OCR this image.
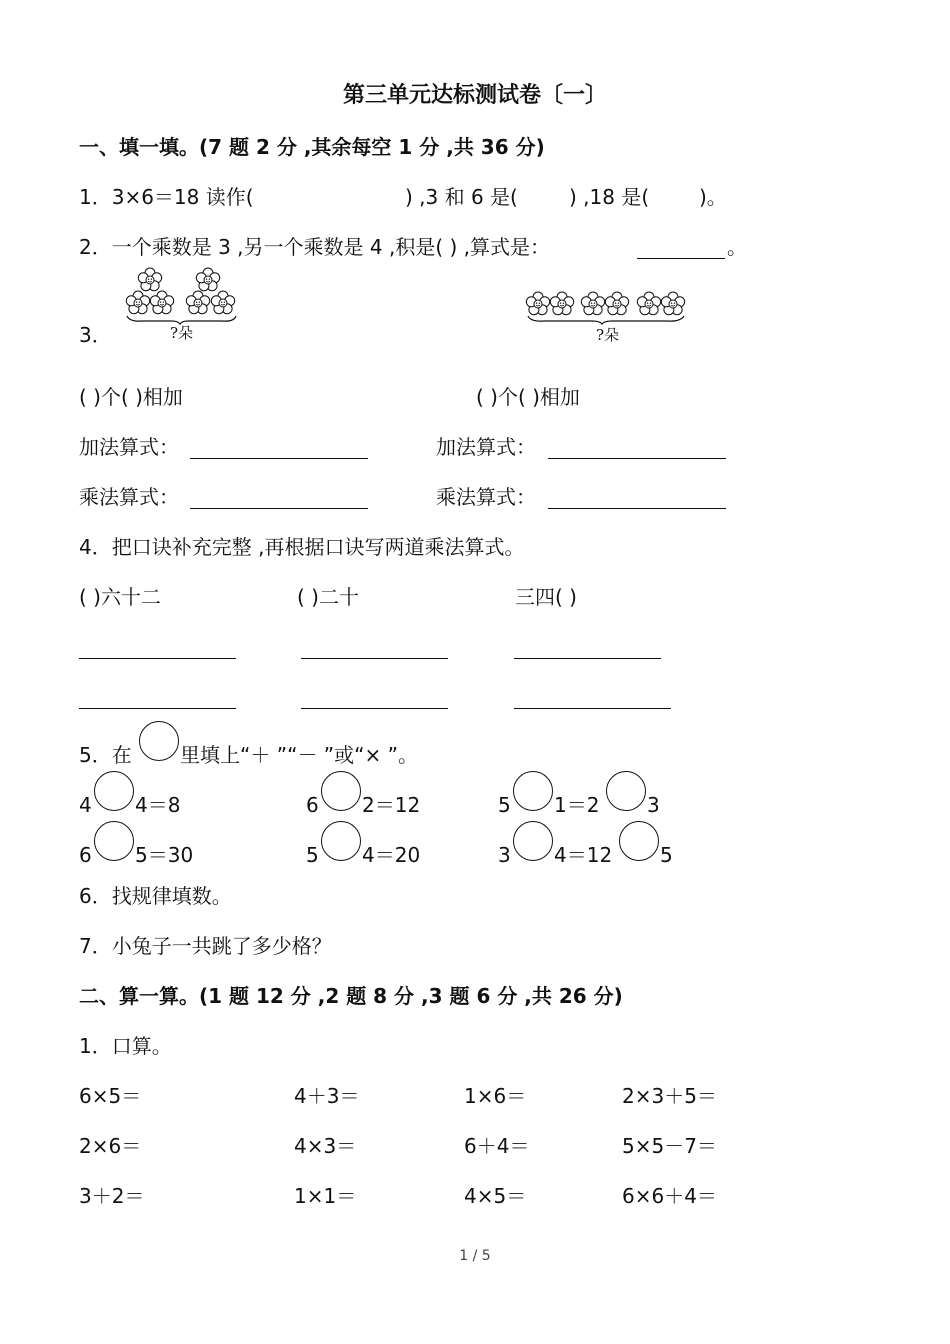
第三单元达标测试卷〔一〕
一、填一填。(7 题 2 分 ,其余每空 1 分 ,共 36 分)
1．3×6＝18 读作(	) ,3 和 6 是(	) ,18 是( )。
2．一个乘数是 3 ,另一个乘数是 4 ,积是( ) ,算式是：	。
3．	?朵	?朵
( )个( )相加	( )个( )相加
加法算式：	加法算式：
乘法算式：	乘法算式：
4．把口诀补充完整 ,再根据口诀写两道乘法算式。
( )六十二	( )二十	三四( )
5．在 里填上“＋ ”“－ ”或“× ”。
4 4＝8	6 2＝12	5 1＝2 3
6 5＝30	5 4＝20	3 4＝12 5
6．找规律填数。
7．小兔子一共跳了多少格？
二、算一算。(1 题 12 分 ,2 题 8 分 ,3 题 6 分 ,共 26 分)
1．口算。
6×5＝	4＋3＝	1×6＝	2×3＋5＝
2×6＝	4×3＝	6＋4＝	5×5－7＝
3＋2＝	1×1＝	4×5＝	6×6＋4＝
1 / 5
